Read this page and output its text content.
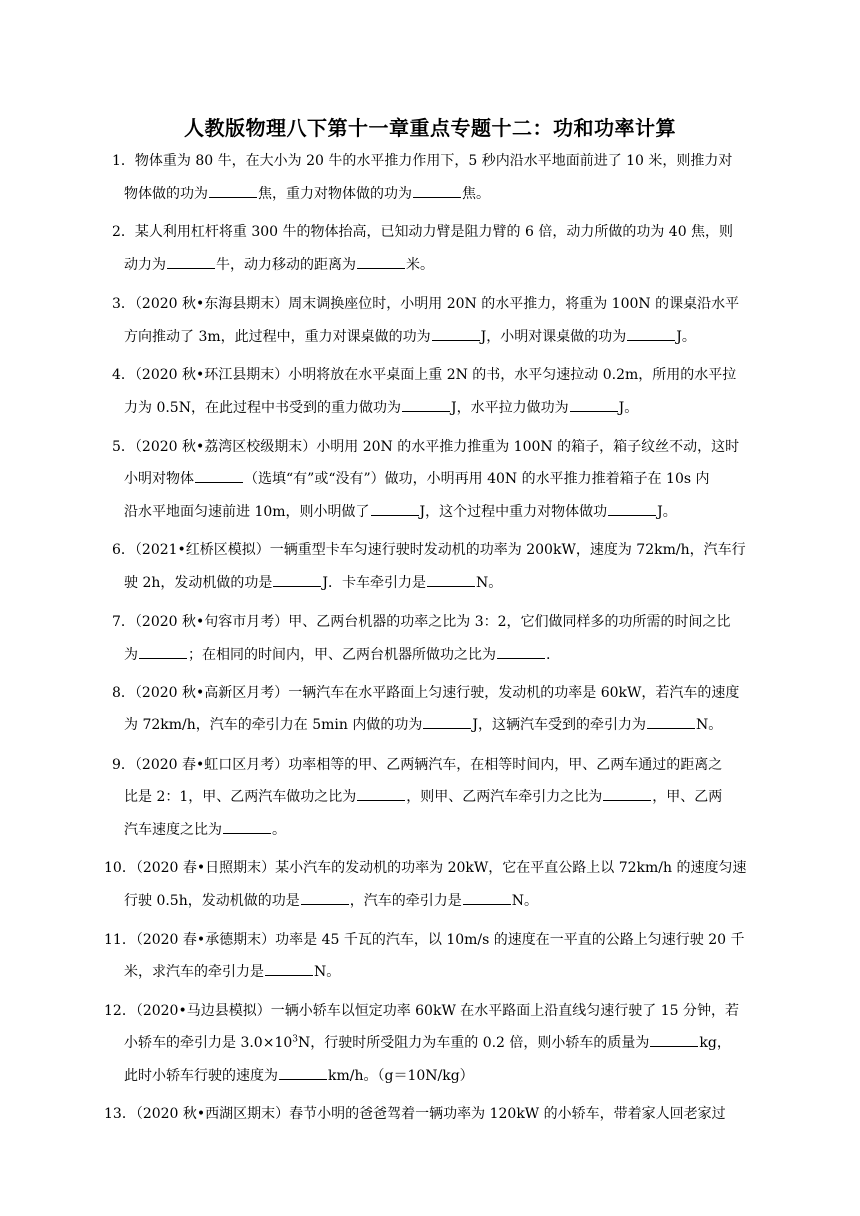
人教版物理八下第十一章重点专题十二：功和功率计算
1．物体重为 80 牛，在大小为 20 牛的水平推力作用下，5 秒内沿水平地面前进了 10 米，则推力对
物体做的功为	焦，重力对物体做的功为	焦。
2．某人利用杠杆将重 300 牛的物体抬高，已知动力臂是阻力臂的 6 倍，动力所做的功为 40 焦，则
动力为	牛，动力移动的距离为	米。
3．（2020 秋•东海县期末）周末调换座位时，小明用 20N 的水平推力，将重为 100N 的课桌沿水平
方向推动了 3m，此过程中，重力对课桌做的功为	J，小明对课桌做的功为	J。
4．（2020 秋•环江县期末）小明将放在水平桌面上重 2N 的书，水平匀速拉动 0.2m，所用的水平拉
力为 0.5N，在此过程中书受到的重力做功为	J，水平拉力做功为	J。
5．（2020 秋•荔湾区校级期末）小明用 20N 的水平推力推重为 100N 的箱子，箱子纹丝不动，这时
小明对物体	（选填“有”或“没有”）做功，小明再用 40N 的水平推力推着箱子在 10s 内
沿水平地面匀速前进 10m，则小明做了	J，这个过程中重力对物体做功	J。
6．（2021•红桥区模拟）一辆重型卡车匀速行驶时发动机的功率为 200kW，速度为 72km/h，汽车行
驶 2h，发动机做的功是	J．卡车牵引力是	N。
7．（2020 秋•句容市月考）甲、乙两台机器的功率之比为 3：2，它们做同样多的功所需的时间之比
为	；在相同的时间内，甲、乙两台机器所做功之比为	.
8．（2020 秋•高新区月考）一辆汽车在水平路面上匀速行驶，发动机的功率是 60kW，若汽车的速度
为 72km/h，汽车的牵引力在 5min 内做的功为	J，这辆汽车受到的牵引力为	N。
9．（2020 春•虹口区月考）功率相等的甲、乙两辆汽车，在相等时间内，甲、乙两车通过的距离之
比是 2：1，甲、乙两汽车做功之比为	，则甲、乙两汽车牵引力之比为	，甲、乙两
汽车速度之比为	。
10．（2020 春•日照期末）某小汽车的发动机的功率为 20kW，它在平直公路上以 72km/h 的速度匀速
行驶 0.5h，发动机做的功是	，汽车的牵引力是	N。
11．（2020 春•承德期末）功率是 45 千瓦的汽车，以 10m/s 的速度在一平直的公路上匀速行驶 20 千
米，求汽车的牵引力是	N。
12．（2020•马边县模拟）一辆小轿车以恒定功率 60kW 在水平路面上沿直线匀速行驶了 15 分钟，若
小轿车的牵引力是 $3.0\times 10^3N$，行驶时所受阻力为车重的 0.2 倍，则小轿车的质量为	kg，
此时小轿车行驶的速度为	km/h。（g＝10N/kg）
13．（2020 秋•西湖区期末）春节小明的爸爸驾着一辆功率为 120kW 的小轿车，带着家人回老家过
